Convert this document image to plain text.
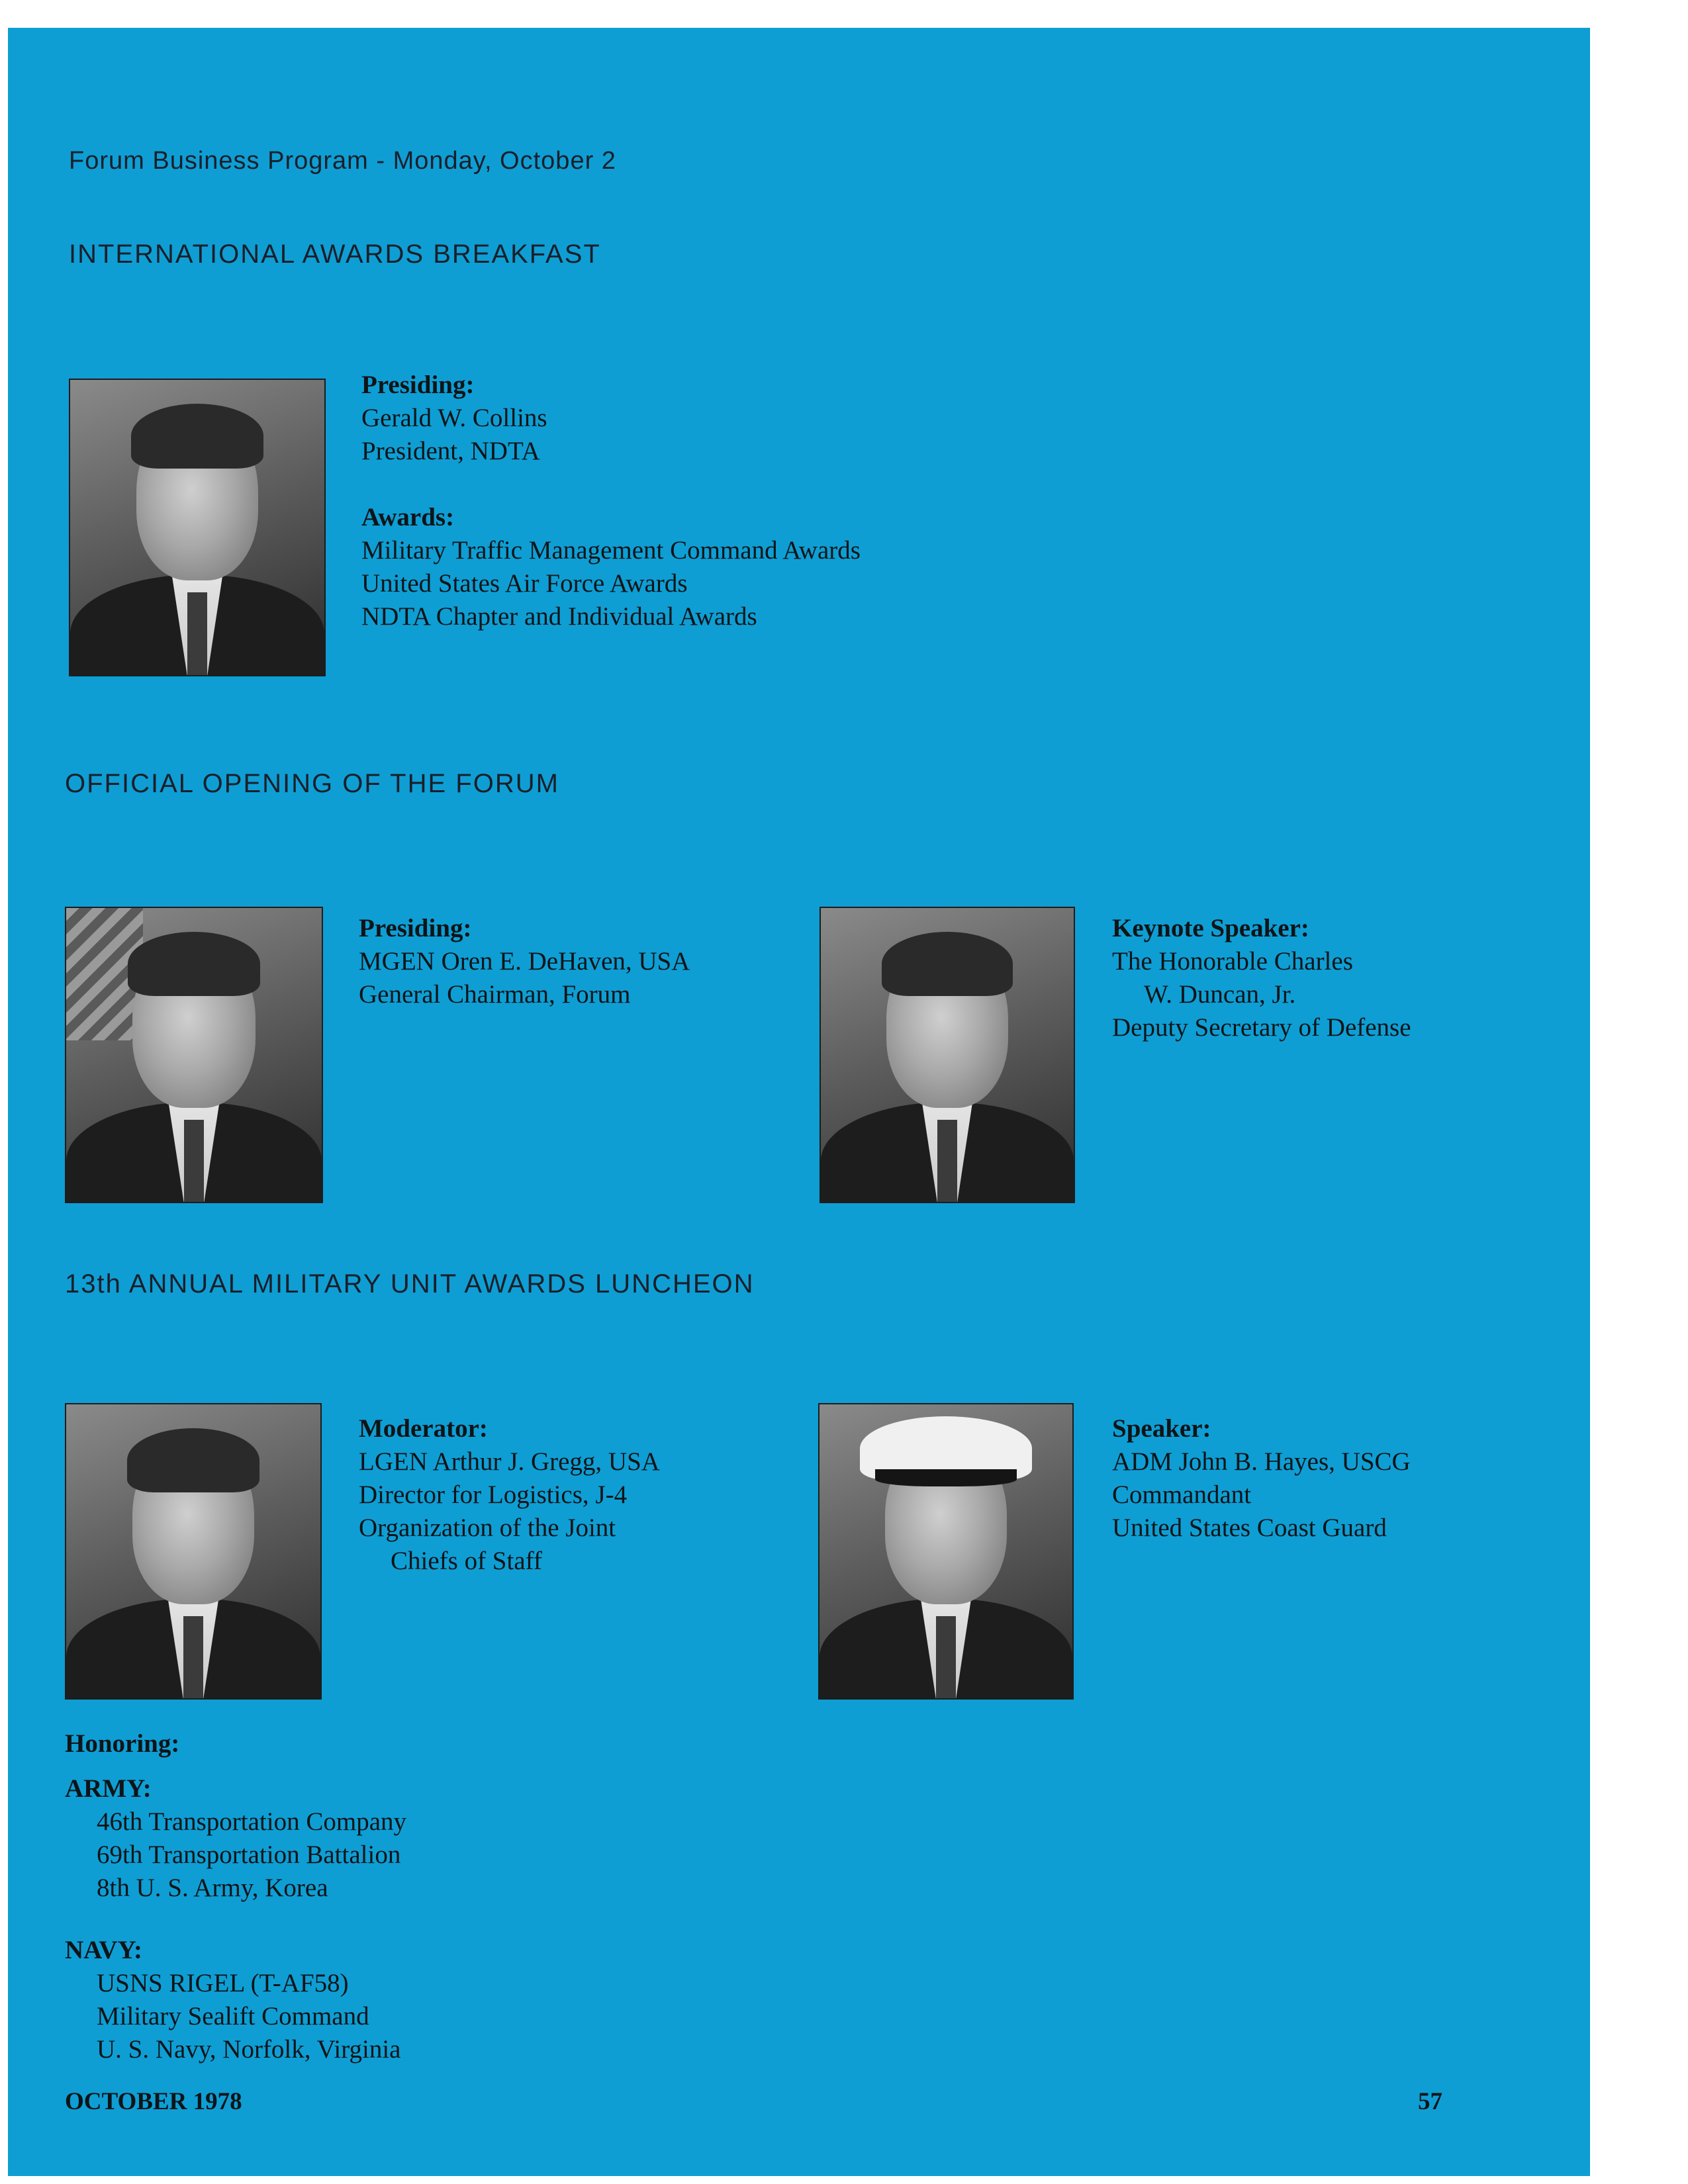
Forum Business Program - Monday, October 2
INTERNATIONAL AWARDS BREAKFAST
Presiding:
Gerald W. Collins
President, NDTA
Awards:
Military Traffic Management Command Awards
United States Air Force Awards
NDTA Chapter and Individual Awards
OFFICIAL OPENING OF THE FORUM
Presiding:
MGEN Oren E. DeHaven, USA
General Chairman, Forum
Keynote Speaker:
The Honorable Charles
W. Duncan, Jr.
Deputy Secretary of Defense
13th ANNUAL MILITARY UNIT AWARDS LUNCHEON
Moderator:
LGEN Arthur J. Gregg, USA
Director for Logistics, J-4
Organization of the Joint
Chiefs of Staff
Speaker:
ADM John B. Hayes, USCG
Commandant
United States Coast Guard
Honoring:
ARMY:
46th Transportation Company
69th Transportation Battalion
8th U. S. Army, Korea
NAVY:
USNS RIGEL (T-AF58)
Military Sealift Command
U. S. Navy, Norfolk, Virginia
OCTOBER 1978	57
